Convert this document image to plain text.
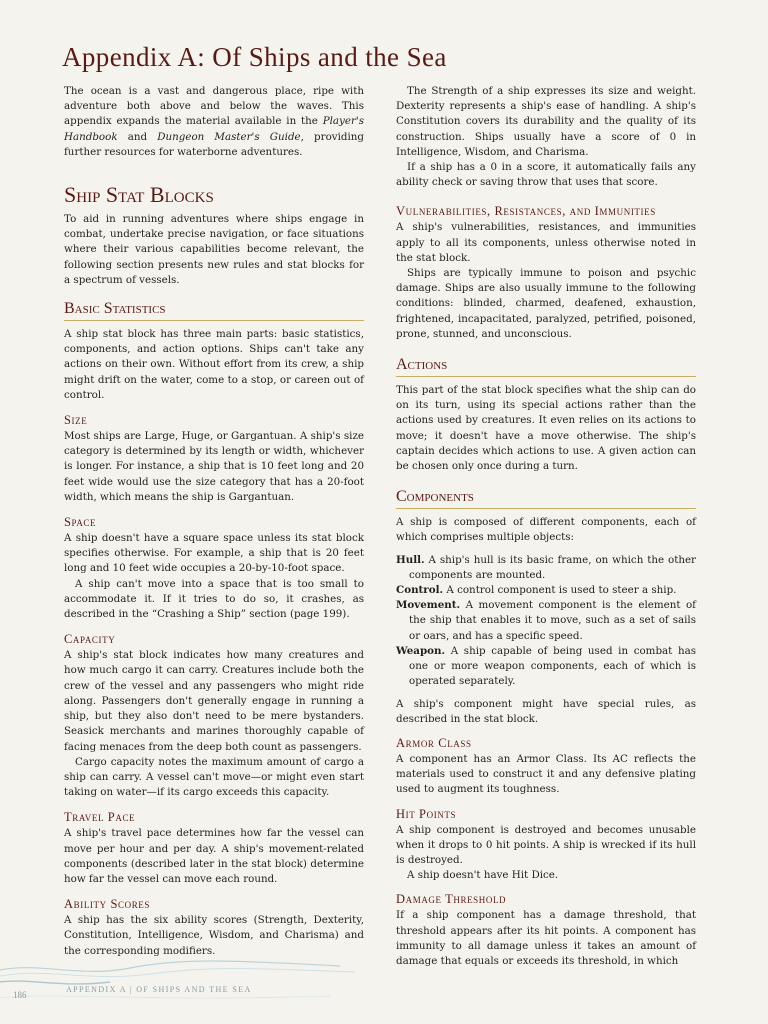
Appendix A: Of Ships and the Sea

The ocean is a vast and dangerous place, ripe with adventure both above and below the waves. This appendix expands the material available in the Player's Handbook and Dungeon Master's Guide, providing further resources for waterborne adventures.

Ship Stat Blocks

To aid in running adventures where ships engage in combat, undertake precise navigation, or face situations where their various capabilities become relevant, the following section presents new rules and stat blocks for a spectrum of vessels.

Basic Statistics

A ship stat block has three main parts: basic statistics, components, and action options. Ships can't take any actions on their own. Without effort from its crew, a ship might drift on the water, come to a stop, or careen out of control.

Size

Most ships are Large, Huge, or Gargantuan. A ship's size category is determined by its length or width, whichever is longer. For instance, a ship that is 10 feet long and 20 feet wide would use the size category that has a 20-foot width, which means the ship is Gargantuan.

Space

A ship doesn't have a square space unless its stat block specifies otherwise. For example, a ship that is 20 feet long and 10 feet wide occupies a 20-by-10-foot space.

A ship can't move into a space that is too small to accommodate it. If it tries to do so, it crashes, as described in the “Crashing a Ship” section (page 199).

Capacity

A ship's stat block indicates how many creatures and how much cargo it can carry. Creatures include both the crew of the vessel and any passengers who might ride along. Passengers don't generally engage in running a ship, but they also don't need to be mere bystanders. Seasick merchants and marines thoroughly capable of facing menaces from the deep both count as passengers.

Cargo capacity notes the maximum amount of cargo a ship can carry. A vessel can't move—or might even start taking on water—if its cargo exceeds this capacity.

Travel Pace

A ship's travel pace determines how far the vessel can move per hour and per day. A ship's movement-related components (described later in the stat block) determine how far the vessel can move each round.

Ability Scores

A ship has the six ability scores (Strength, Dexterity, Constitution, Intelligence, Wisdom, and Charisma) and the corresponding modifiers.

The Strength of a ship expresses its size and weight. Dexterity represents a ship's ease of handling. A ship's Constitution covers its durability and the quality of its construction. Ships usually have a score of 0 in Intelligence, Wisdom, and Charisma.

If a ship has a 0 in a score, it automatically fails any ability check or saving throw that uses that score.

Vulnerabilities, Resistances, and Immunities

A ship's vulnerabilities, resistances, and immunities apply to all its components, unless otherwise noted in the stat block.

Ships are typically immune to poison and psychic damage. Ships are also usually immune to the following conditions: blinded, charmed, deafened, exhaustion, frightened, incapacitated, paralyzed, petrified, poisoned, prone, stunned, and unconscious.

Actions

This part of the stat block specifies what the ship can do on its turn, using its special actions rather than the actions used by creatures. It even relies on its actions to move; it doesn't have a move otherwise. The ship's captain decides which actions to use. A given action can be chosen only once during a turn.

Components

A ship is composed of different components, each of which comprises multiple objects:

Hull. A ship's hull is its basic frame, on which the other components are mounted.

Control. A control component is used to steer a ship.

Movement. A movement component is the element of the ship that enables it to move, such as a set of sails or oars, and has a specific speed.

Weapon. A ship capable of being used in combat has one or more weapon components, each of which is operated separately.

A ship's component might have special rules, as described in the stat block.

Armor Class

A component has an Armor Class. Its AC reflects the materials used to construct it and any defensive plating used to augment its toughness.

Hit Points

A ship component is destroyed and becomes unusable when it drops to 0 hit points. A ship is wrecked if its hull is destroyed.

A ship doesn't have Hit Dice.

Damage Threshold

If a ship component has a damage threshold, that threshold appears after its hit points. A component has immunity to all damage unless it takes an amount of damage that equals or exceeds its threshold, in which

APPENDIX A | OF SHIPS AND THE SEA
186
